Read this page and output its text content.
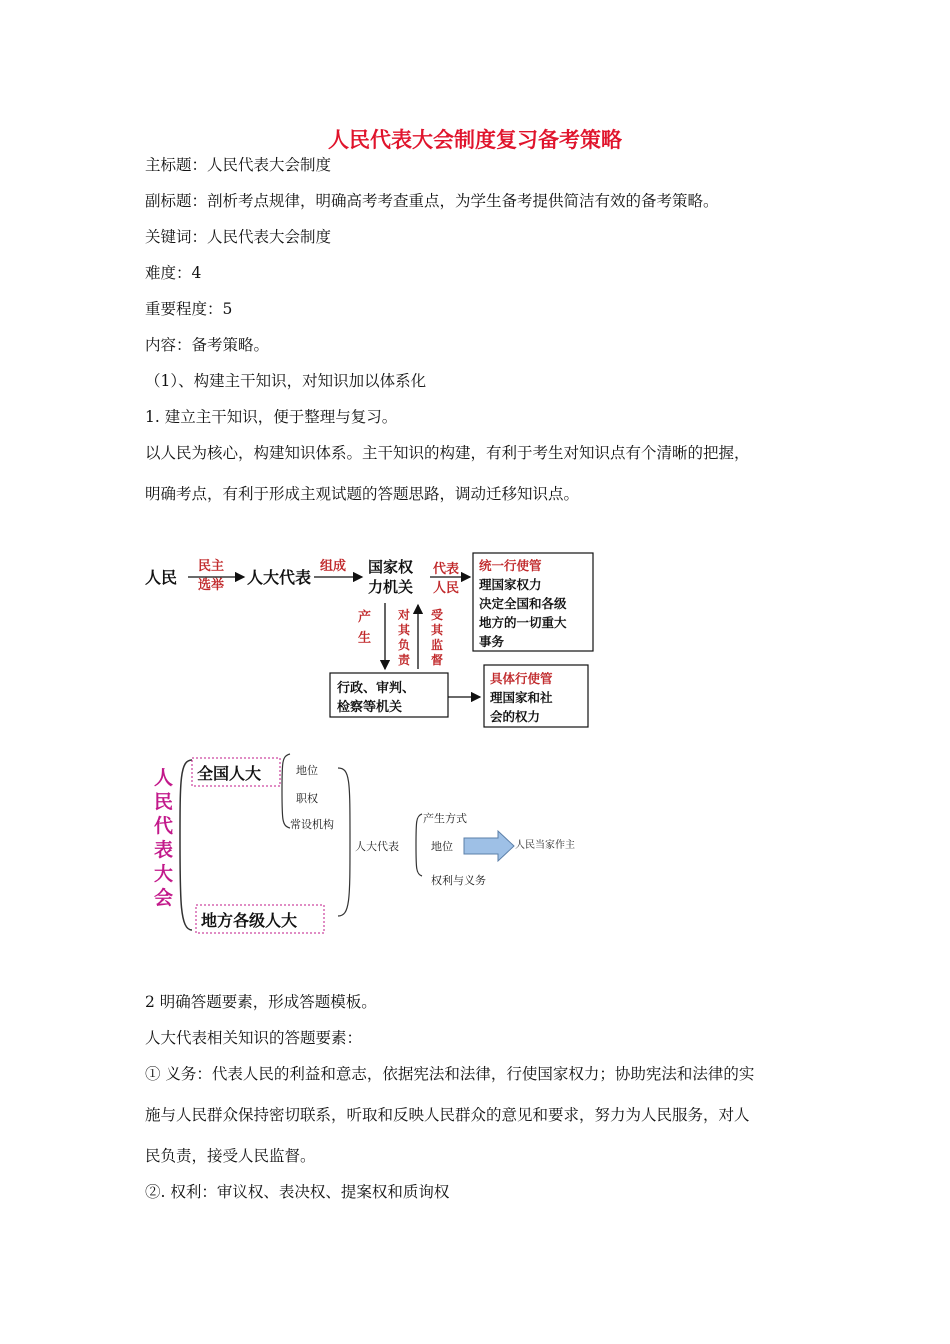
人民代表大会制度复习备考策略
主标题：人民代表大会制度
副标题：剖析考点规律，明确高考考查重点，为学生备考提供简洁有效的备考策略。
关键词：人民代表大会制度
难度：4
重要程度：5
内容：备考策略。
（1）、构建主干知识，对知识加以体系化
1. 建立主干知识，便于整理与复习。
以人民为核心，构建知识体系。主干知识的构建，有利于考生对知识点有个清晰的把握，
明确考点，有利于形成主观试题的答题思路，调动迁移知识点。
人民
民主
选举 人大代表
组成 国家权
力机关
代表
人民
统一行使管
理国家权力
决定全国和各级
地方的一切重大
事务
产
生
对
其
负
责
受
其
监
督
行政、审判、
检察等机关
具体行使管
理国家和社
会的权力
人
民
代
表
大
会
全国人大
地方各级人大
地位
职权
常设机构
人大代表
产生方式
地位
权利与义务
人民当家作主
2 明确答题要素，形成答题模板。
人大代表相关知识的答题要素：
① 义务：代表人民的利益和意志，依据宪法和法律，行使国家权力；协助宪法和法律的实
施与人民群众保持密切联系，听取和反映人民群众的意见和要求，努力为人民服务，对人
民负责，接受人民监督。
②. 权利：审议权、表决权、提案权和质询权
